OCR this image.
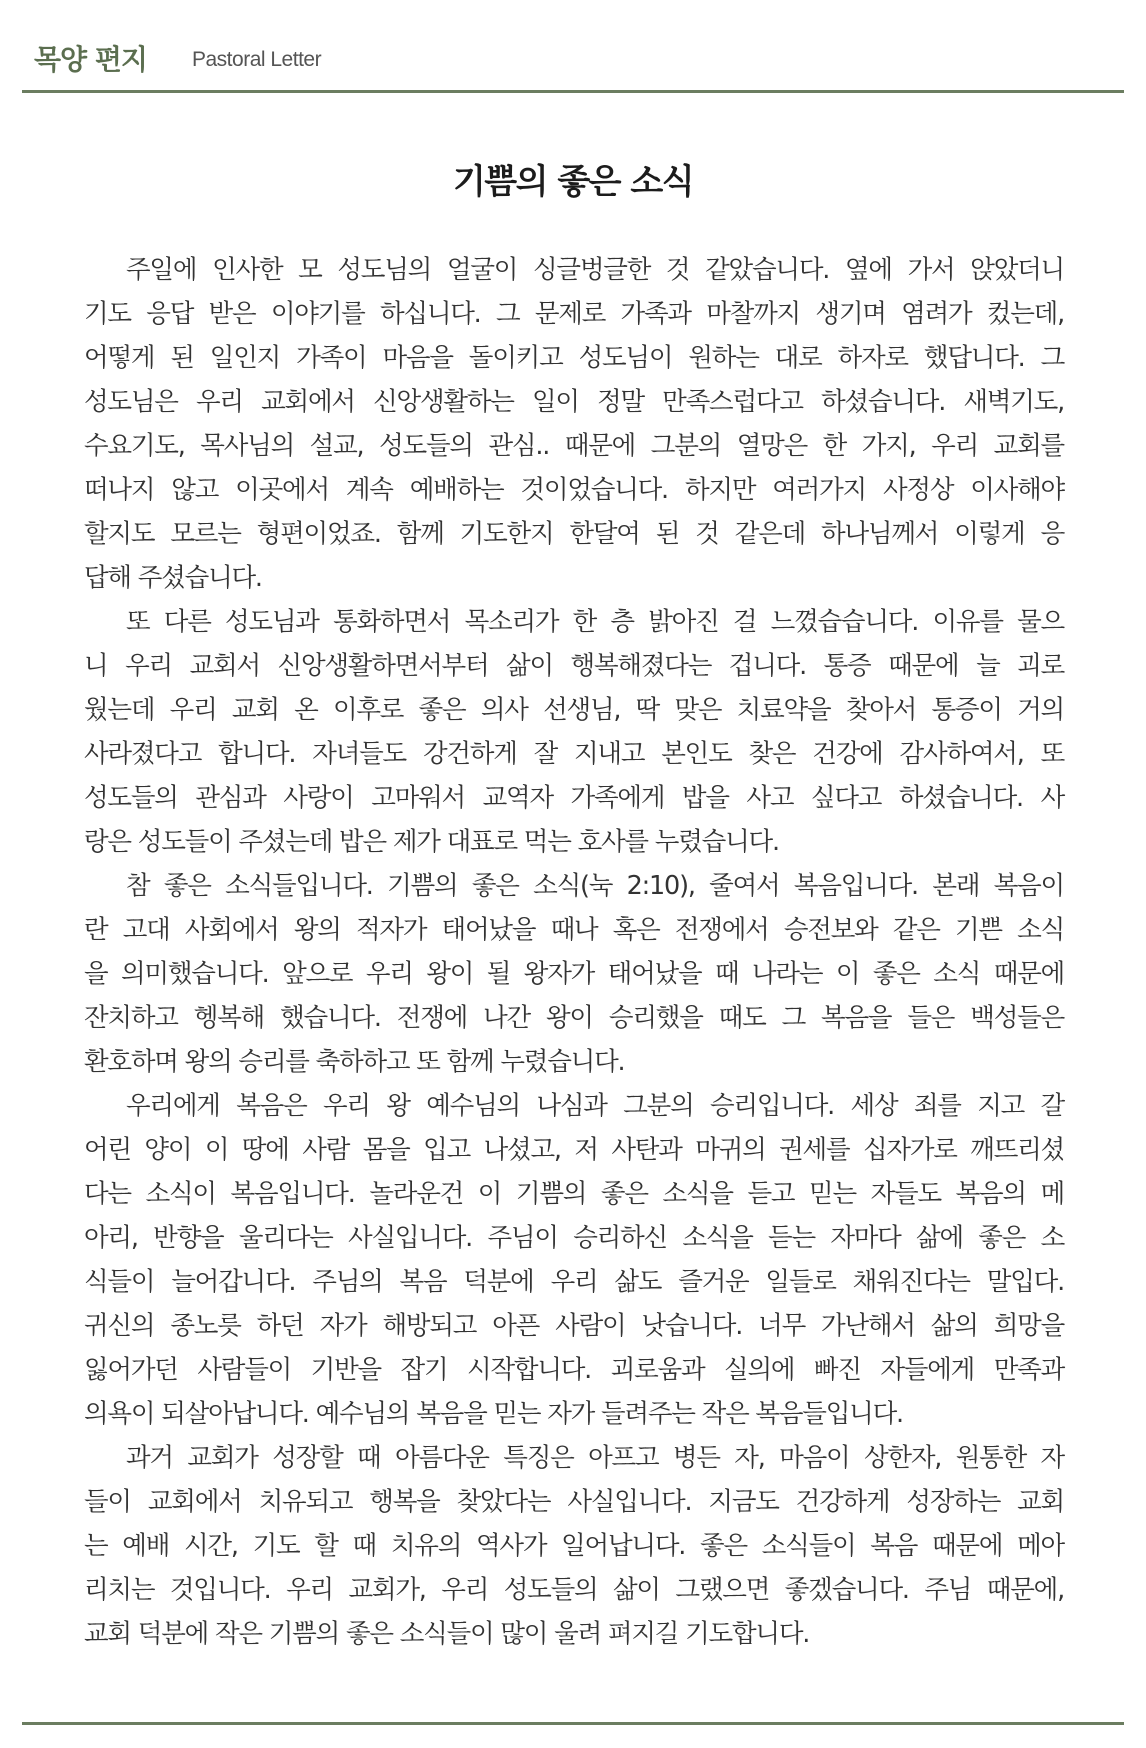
목양 편지 Pastoral Letter
기쁨의 좋은 소식
주일에 인사한 모 성도님의 얼굴이 싱글벙글한 것 같았습니다. 옆에 가서 앉았더니
기도 응답 받은 이야기를 하십니다. 그 문제로 가족과 마찰까지 생기며 염려가 컸는데,
어떻게 된 일인지 가족이 마음을 돌이키고 성도님이 원하는 대로 하자로 했답니다. 그
성도님은 우리 교회에서 신앙생활하는 일이 정말 만족스럽다고 하셨습니다. 새벽기도,
수요기도, 목사님의 설교, 성도들의 관심.. 때문에 그분의 열망은 한 가지, 우리 교회를
떠나지 않고 이곳에서 계속 예배하는 것이었습니다. 하지만 여러가지 사정상 이사해야
할지도 모르는 형편이었죠. 함께 기도한지 한달여 된 것 같은데 하나님께서 이렇게 응
답해 주셨습니다.
또 다른 성도님과 통화하면서 목소리가 한 층 밝아진 걸 느꼈습습니다. 이유를 물으
니 우리 교회서 신앙생활하면서부터 삶이 행복해졌다는 겁니다. 통증 때문에 늘 괴로
웠는데 우리 교회 온 이후로 좋은 의사 선생님, 딱 맞은 치료약을 찾아서 통증이 거의
사라졌다고 합니다. 자녀들도 강건하게 잘 지내고 본인도 찾은 건강에 감사하여서, 또
성도들의 관심과 사랑이 고마워서 교역자 가족에게 밥을 사고 싶다고 하셨습니다. 사
랑은 성도들이 주셨는데 밥은 제가 대표로 먹는 호사를 누렸습니다.
참 좋은 소식들입니다. 기쁨의 좋은 소식(눅 2:10), 줄여서 복음입니다. 본래 복음이
란 고대 사회에서 왕의 적자가 태어났을 때나 혹은 전쟁에서 승전보와 같은 기쁜 소식
을 의미했습니다. 앞으로 우리 왕이 될 왕자가 태어났을 때 나라는 이 좋은 소식 때문에
잔치하고 헹복해 했습니다. 전쟁에 나간 왕이 승리했을 때도 그 복음을 들은 백성들은
환호하며 왕의 승리를 축하하고 또 함께 누렸습니다.
우리에게 복음은 우리 왕 예수님의 나심과 그분의 승리입니다. 세상 죄를 지고 갈
어린 양이 이 땅에 사람 몸을 입고 나셨고, 저 사탄과 마귀의 권세를 십자가로 깨뜨리셨
다는 소식이 복음입니다. 놀라운건 이 기쁨의 좋은 소식을 듣고 믿는 자들도 복음의 메
아리, 반향을 울리다는 사실입니다. 주님이 승리하신 소식을 듣는 자마다 삶에 좋은 소
식들이 늘어갑니다. 주님의 복음 덕분에 우리 삶도 즐거운 일들로 채워진다는 말입다.
귀신의 종노릇 하던 자가 해방되고 아픈 사람이 낫습니다. 너무 가난해서 삶의 희망을
잃어가던 사람들이 기반을 잡기 시작합니다. 괴로움과 실의에 빠진 자들에게 만족과
의욕이 되살아납니다. 예수님의 복음을 믿는 자가 들려주는 작은 복음들입니다.
과거 교회가 성장할 때 아름다운 특징은 아프고 병든 자, 마음이 상한자, 원통한 자
들이 교회에서 치유되고 행복을 찾았다는 사실입니다. 지금도 건강하게 성장하는 교회
는 예배 시간, 기도 할 때 치유의 역사가 일어납니다. 좋은 소식들이 복음 때문에 메아
리치는 것입니다. 우리 교회가, 우리 성도들의 삶이 그랬으면 좋겠습니다. 주님 때문에,
교회 덕분에 작은 기쁨의 좋은 소식들이 많이 울려 펴지길 기도합니다.
